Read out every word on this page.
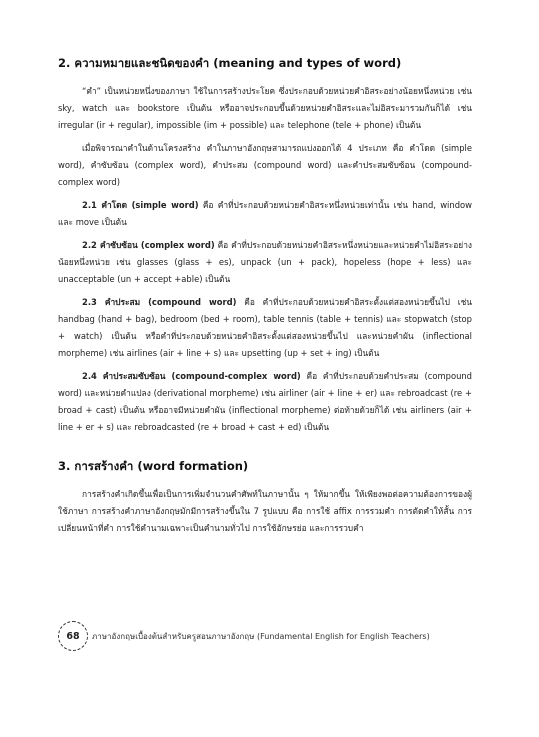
2. ความหมายและชนิดของคำ (meaning and types of word)

“คำ” เป็นหน่วยหนึ่งของภาษา ใช้ในการสร้างประโยค ซึ่งประกอบด้วยหน่วยคำอิสระอย่างน้อยหนึ่งหน่วย เช่น sky, watch และ bookstore เป็นต้น หรืออาจประกอบขึ้นด้วยหน่วยคำอิสระและไม่อิสระมารวมกันก็ได้ เช่น irregular (ir + regular), impossible (im + possible) และ telephone (tele + phone) เป็นต้น

เมื่อพิจารณาคำในด้านโครงสร้าง คำในภาษาอังกฤษสามารถแบ่งออกได้ 4 ประเภท คือ คำโดด (simple word), คำซับซ้อน (complex word), คำประสม (compound word) และคำประสมซับซ้อน (compound-complex word)

2.1 คำโดด (simple word) คือ คำที่ประกอบด้วยหน่วยคำอิสระหนึ่งหน่วยเท่านั้น เช่น hand, window และ move เป็นต้น

2.2 คำซับซ้อน (complex word) คือ คำที่ประกอบด้วยหน่วยคำอิสระหนึ่งหน่วยและหน่วยคำไม่อิสระอย่างน้อยหนึ่งหน่วย เช่น glasses (glass + es), unpack (un + pack), hopeless (hope + less) และ unacceptable (un + accept +able) เป็นต้น

2.3 คำประสม (compound word) คือ คำที่ประกอบด้วยหน่วยคำอิสระตั้งแต่สองหน่วยขึ้นไป เช่น handbag (hand + bag), bedroom (bed + room), table tennis (table + tennis) และ stopwatch (stop + watch) เป็นต้น หรือคำที่ประกอบด้วยหน่วยคำอิสระตั้งแต่สองหน่วยขึ้นไป และหน่วยคำผัน (inflectional morpheme) เช่น airlines (air + line + s) และ upsetting (up + set + ing) เป็นต้น

2.4 คำประสมซับซ้อน (compound-complex word) คือ คำที่ประกอบด้วยคำประสม (compound word) และหน่วยคำแปลง (derivational morpheme) เช่น airliner (air + line + er) และ rebroadcast (re + broad + cast) เป็นต้น หรืออาจมีหน่วยคำผัน (inflectional morpheme) ต่อท้ายด้วยก็ได้ เช่น airliners (air + line + er + s) และ rebroadcasted (re + broad + cast + ed) เป็นต้น

3. การสร้างคำ (word formation)

การสร้างคำเกิดขึ้นเพื่อเป็นการเพิ่มจำนวนคำศัพท์ในภาษานั้น ๆ ให้มากขึ้น ให้เพียงพอต่อความต้องการของผู้ใช้ภาษา การสร้างคำภาษาอังกฤษมักมีการสร้างขึ้นใน 7 รูปแบบ คือ การใช้ affix การรวมคำ การตัดคำให้สั้น การเปลี่ยนหน้าที่คำ การใช้คำนามเฉพาะเป็นคำนามทั่วไป การใช้อักษรย่อ และการรวบคำ

68	ภาษาอังกฤษเบื้องต้นสำหรับครูสอนภาษาอังกฤษ (Fundamental English for English Teachers)
